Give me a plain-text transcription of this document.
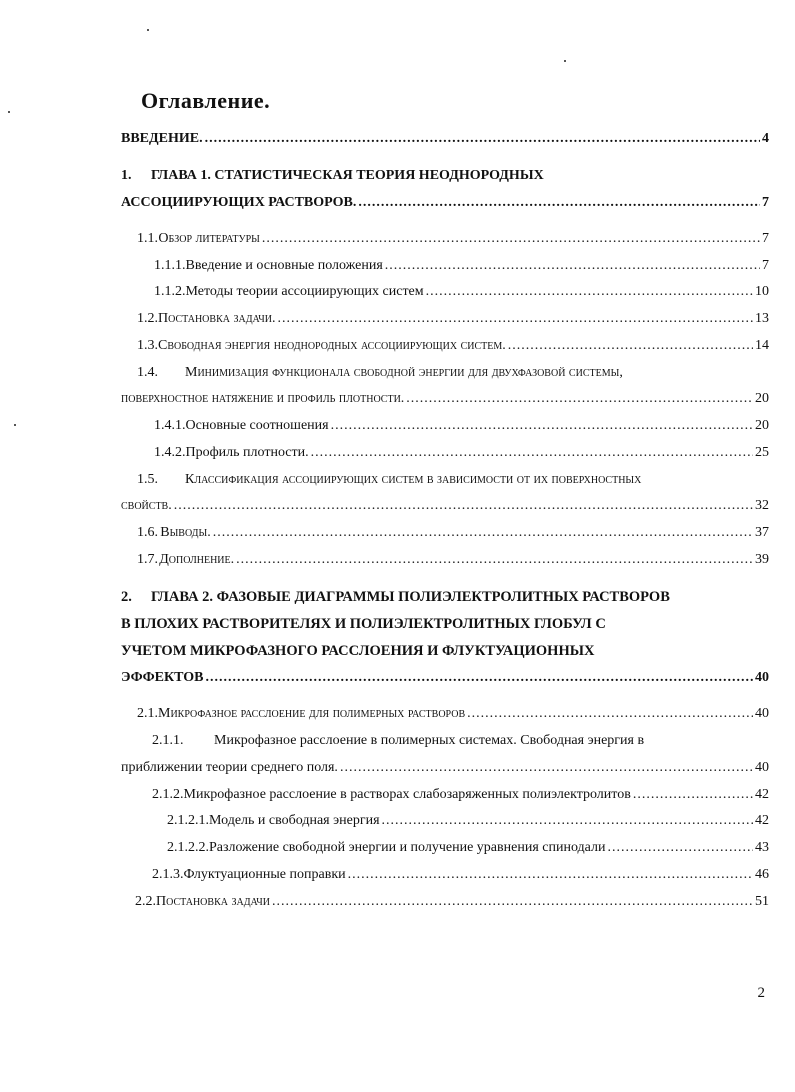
Оглавление.
ВВЕДЕНИЕ. .....	4
1. ГЛАВА 1. СТАТИСТИЧЕСКАЯ ТЕОРИЯ НЕОДНОРОДНЫХ
АССОЦИИРУЮЩИХ РАСТВОРОВ. .....	7
1.1. Обзор литературы .....	7
1.1.1. Введение и основные положения .....	7
1.1.2. Методы теории ассоциирующих систем .....	10
1.2. Постановка задачи. .....	13
1.3. Свободная энергия неоднородных ассоциирующих систем. .....	14
1.4. Минимизация функционала свободной энергии для двухфазовой системы,
поверхностное натяжение и профиль плотности. .....	20
1.4.1. Основные соотношения .....	20
1.4.2. Профиль плотности. .....	25
1.5. Классификация ассоциирующих систем в зависимости от их поверхностных
свойств. .....	32
1.6. Выводы. .....	37
1.7. Дополнение. .....	39
2. ГЛАВА 2. ФАЗОВЫЕ ДИАГРАММЫ ПОЛИЭЛЕКТРОЛИТНЫХ РАСТВОРОВ
В ПЛОХИХ РАСТВОРИТЕЛЯХ И ПОЛИЭЛЕКТРОЛИТНЫХ ГЛОБУЛ С
УЧЕТОМ МИКРОФАЗНОГО РАССЛОЕНИЯ И ФЛУКТУАЦИОННЫХ
ЭФФЕКТОВ .....	40
2.1. Микрофазное расслоение для полимерных растворов .....	40
2.1.1. Микрофазное расслоение в полимерных системах. Свободная энергия в
приближении теории среднего поля. .....	40
2.1.2. Микрофазное расслоение в растворах слабозаряженных полиэлектролитов .....	42
2.1.2.1. Модель и свободная энергия .....	42
2.1.2.2. Разложение свободной энергии и получение уравнения спинодали .....	43
2.1.3. Флуктуационные поправки .....	46
2.2. Постановка задачи .....	51
2
